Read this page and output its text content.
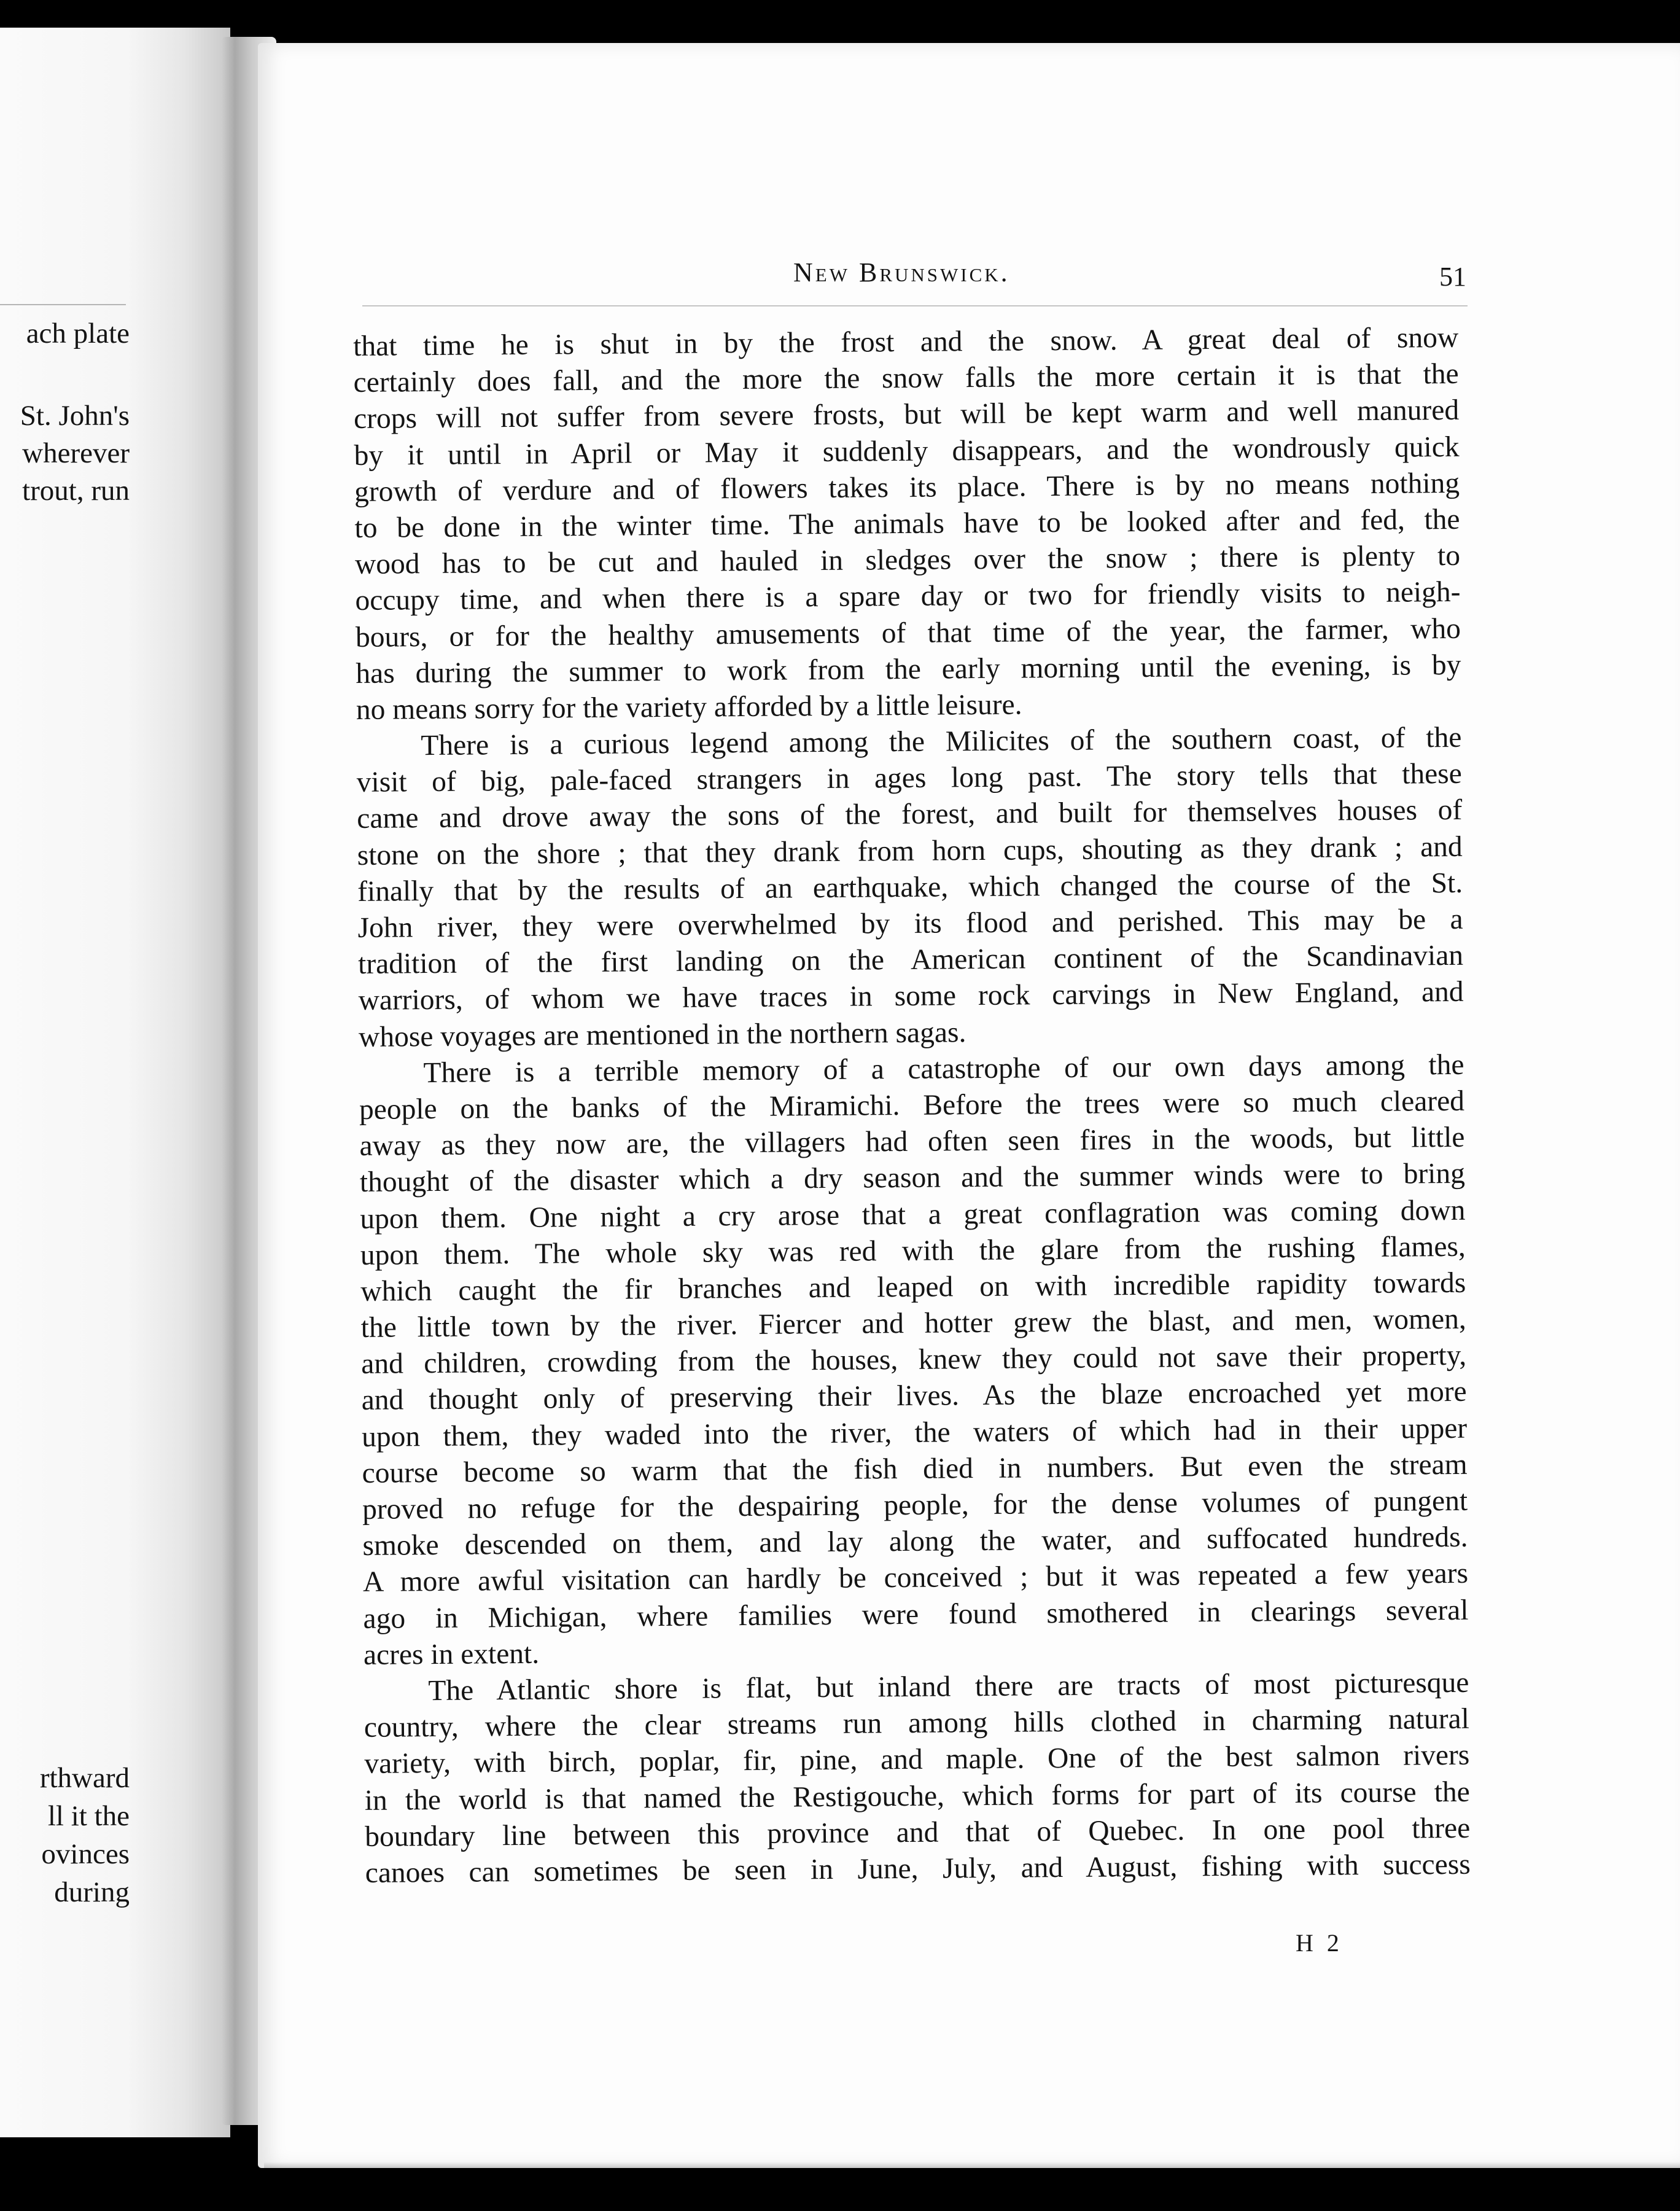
ach plate
St. John's
wherever
trout, run
rthward
ll it the
ovinces
during
New Brunswick.	51
that time he is shut in by the frost and the snow. A great deal of snow
certainly does fall, and the more the snow falls the more certain it is that the
crops will not suffer from severe frosts, but will be kept warm and well manured
by it until in April or May it suddenly disappears, and the wondrously quick
growth of verdure and of flowers takes its place. There is by no means nothing
to be done in the winter time. The animals have to be looked after and fed, the
wood has to be cut and hauled in sledges over the snow ; there is plenty to
occupy time, and when there is a spare day or two for friendly visits to neigh-
bours, or for the healthy amusements of that time of the year, the farmer, who
has during the summer to work from the early morning until the evening, is by
no means sorry for the variety afforded by a little leisure.
There is a curious legend among the Milicites of the southern coast, of the
visit of big, pale-faced strangers in ages long past. The story tells that these
came and drove away the sons of the forest, and built for themselves houses of
stone on the shore ; that they drank from horn cups, shouting as they drank ; and
finally that by the results of an earthquake, which changed the course of the St.
John river, they were overwhelmed by its flood and perished. This may be a
tradition of the first landing on the American continent of the Scandinavian
warriors, of whom we have traces in some rock carvings in New England, and
whose voyages are mentioned in the northern sagas.
There is a terrible memory of a catastrophe of our own days among the
people on the banks of the Miramichi. Before the trees were so much cleared
away as they now are, the villagers had often seen fires in the woods, but little
thought of the disaster which a dry season and the summer winds were to bring
upon them. One night a cry arose that a great conflagration was coming down
upon them. The whole sky was red with the glare from the rushing flames,
which caught the fir branches and leaped on with incredible rapidity towards
the little town by the river. Fiercer and hotter grew the blast, and men, women,
and children, crowding from the houses, knew they could not save their property,
and thought only of preserving their lives. As the blaze encroached yet more
upon them, they waded into the river, the waters of which had in their upper
course become so warm that the fish died in numbers. But even the stream
proved no refuge for the despairing people, for the dense volumes of pungent
smoke descended on them, and lay along the water, and suffocated hundreds.
A more awful visitation can hardly be conceived ; but it was repeated a few years
ago in Michigan, where families were found smothered in clearings several
acres in extent.
The Atlantic shore is flat, but inland there are tracts of most picturesque
country, where the clear streams run among hills clothed in charming natural
variety, with birch, poplar, fir, pine, and maple. One of the best salmon rivers
in the world is that named the Restigouche, which forms for part of its course the
boundary line between this province and that of Quebec. In one pool three
canoes can sometimes be seen in June, July, and August, fishing with success
H 2
